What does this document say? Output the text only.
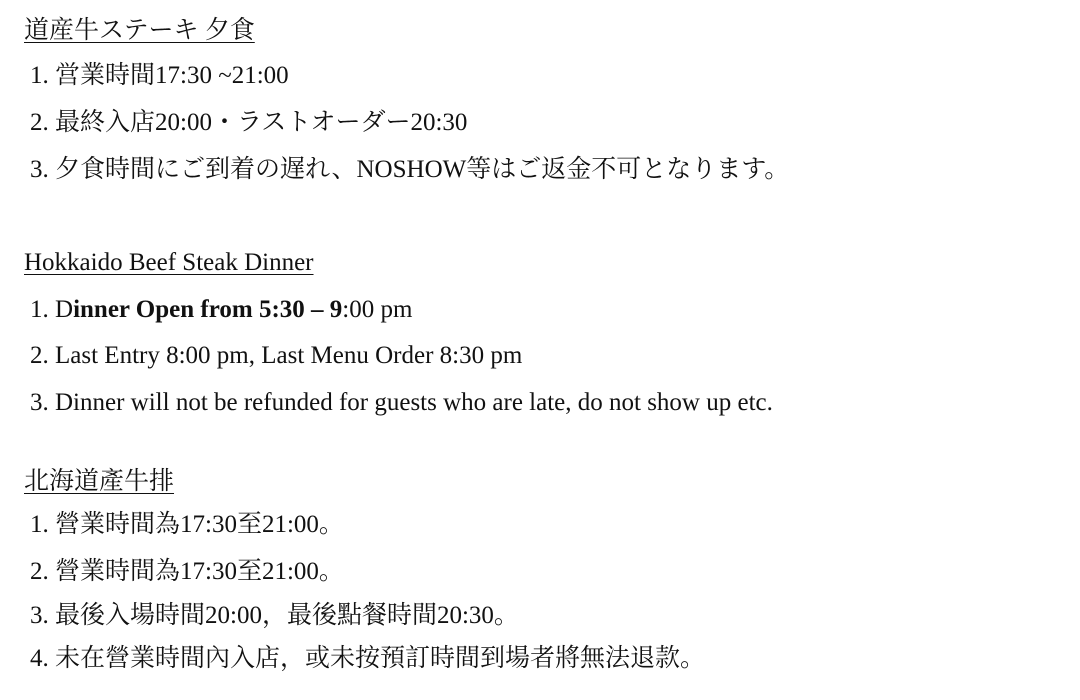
道産牛ステーキ 夕食
1. 営業時間17:30 ~21:00
2. 最終入店20:00・ラストオーダー20:30
3. 夕食時間にご到着の遅れ、NOSHOW等はご返金不可となります。
Hokkaido Beef Steak Dinner
1. Dinner Open from 5:30 – 9:00 pm
2. Last Entry 8:00 pm, Last Menu Order 8:30 pm
3. Dinner will not be refunded for guests who are late, do not show up etc.
北海道產牛排
1. 營業時間為17:30至21:00。
2. 營業時間為17:30至21:00。
3. 最後入場時間20:00，最後點餐時間20:30。
4. 未在營業時間內入店，或未按預訂時間到場者將無法退款。
